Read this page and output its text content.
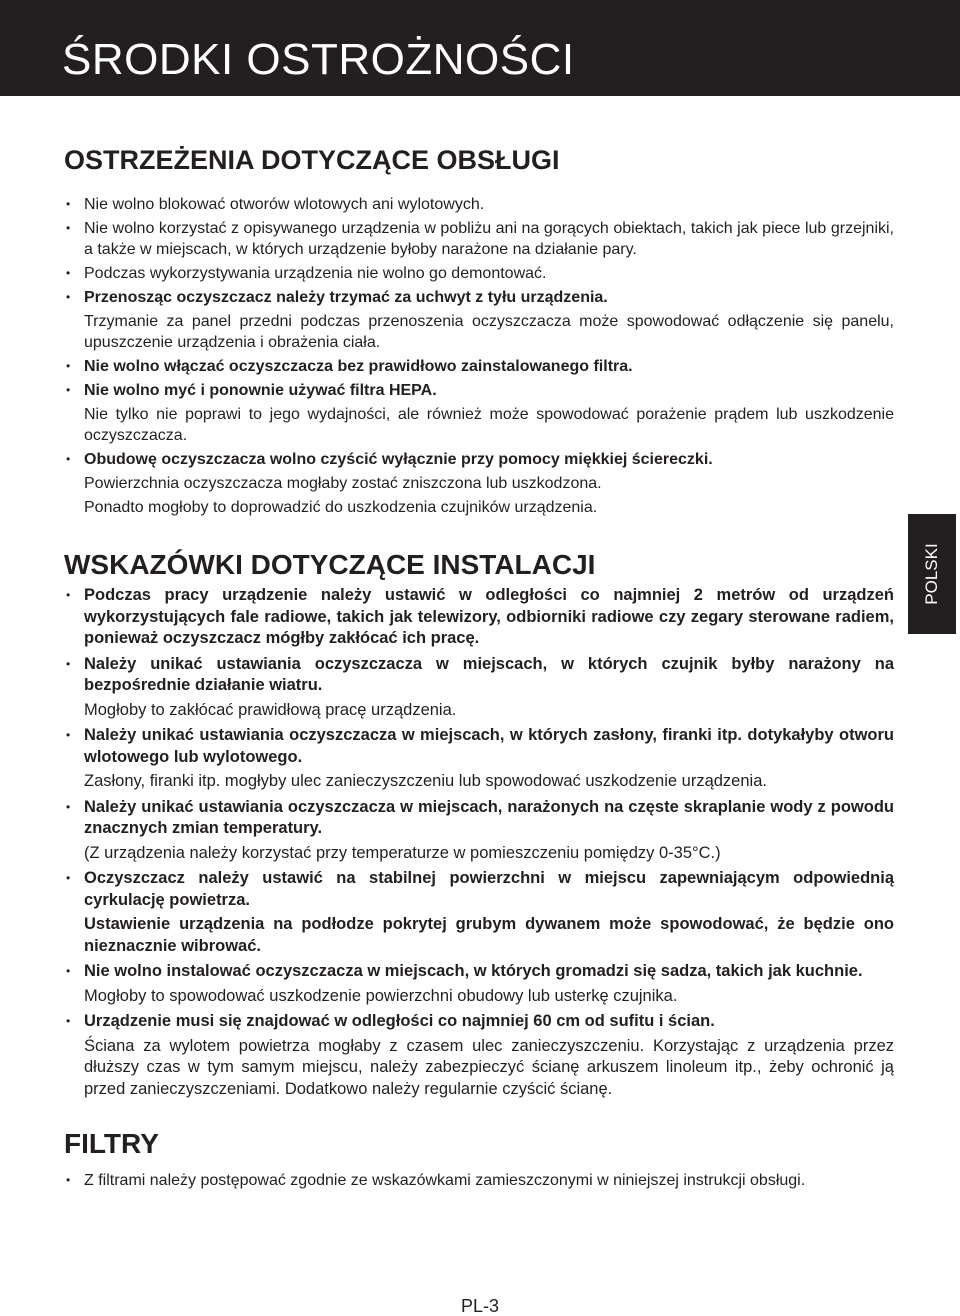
ŚRODKI OSTROŻNOŚCI
OSTRZEŻENIA DOTYCZĄCE OBSŁUGI
• Nie wolno blokować otworów wlotowych ani wylotowych.
• Nie wolno korzystać z opisywanego urządzenia w pobliżu ani na gorących obiektach, takich jak piece lub grzejniki, a także w miejscach, w których urządzenie byłoby narażone na działanie pary.
• Podczas wykorzystywania urządzenia nie wolno go demontować.
• Przenosząc oczyszczacz należy trzymać za uchwyt z tyłu urządzenia.
Trzymanie za panel przedni podczas przenoszenia oczyszczacza może spowodować odłączenie się panelu, upuszczenie urządzenia i obrażenia ciała.
• Nie wolno włączać oczyszczacza bez prawidłowo zainstalowanego filtra.
• Nie wolno myć i ponownie używać filtra HEPA.
Nie tylko nie poprawi to jego wydajności, ale również może spowodować porażenie prądem lub uszkodzenie oczyszczacza.
• Obudowę oczyszczacza wolno czyścić wyłącznie przy pomocy miękkiej ściereczki.
Powierzchnia oczyszczacza mogłaby zostać zniszczona lub uszkodzona.
Ponadto mogłoby to doprowadzić do uszkodzenia czujników urządzenia.
WSKAZÓWKI DOTYCZĄCE INSTALACJI
• Podczas pracy urządzenie należy ustawić w odległości co najmniej 2 metrów od urządzeń wykorzystujących fale radiowe, takich jak telewizory, odbiorniki radiowe czy zegary sterowane radiem, ponieważ oczyszczacz mógłby zakłócać ich pracę.
• Należy unikać ustawiania oczyszczacza w miejscach, w których czujnik byłby narażony na bezpośrednie działanie wiatru.
Mogłoby to zakłócać prawidłową pracę urządzenia.
• Należy unikać ustawiania oczyszczacza w miejscach, w których zasłony, firanki itp. dotykałyby otworu wlotowego lub wylotowego.
Zasłony, firanki itp. mogłyby ulec zanieczyszczeniu lub spowodować uszkodzenie urządzenia.
• Należy unikać ustawiania oczyszczacza w miejscach, narażonych na częste skraplanie wody z powodu znacznych zmian temperatury.
(Z urządzenia należy korzystać przy temperaturze w pomieszczeniu pomiędzy 0-35°C.)
• Oczyszczacz należy ustawić na stabilnej powierzchni w miejscu zapewniającym odpowiednią cyrkulację powietrza.
Ustawienie urządzenia na podłodze pokrytej grubym dywanem może spowodować, że będzie ono nieznacznie wibrować.
• Nie wolno instalować oczyszczacza w miejscach, w których gromadzi się sadza, takich jak kuchnie.
Mogłoby to spowodować uszkodzenie powierzchni obudowy lub usterkę czujnika.
• Urządzenie musi się znajdować w odległości co najmniej 60 cm od sufitu i ścian.
Ściana za wylotem powietrza mogłaby z czasem ulec zanieczyszczeniu. Korzystając z urządzenia przez dłuższy czas w tym samym miejscu, należy zabezpieczyć ścianę arkuszem linoleum itp., żeby ochronić ją przed zanieczyszczeniami. Dodatkowo należy regularnie czyścić ścianę.
FILTRY
• Z filtrami należy postępować zgodnie ze wskazówkami zamieszczonymi w niniejszej instrukcji obsługi.
POLSKI
PL-3
